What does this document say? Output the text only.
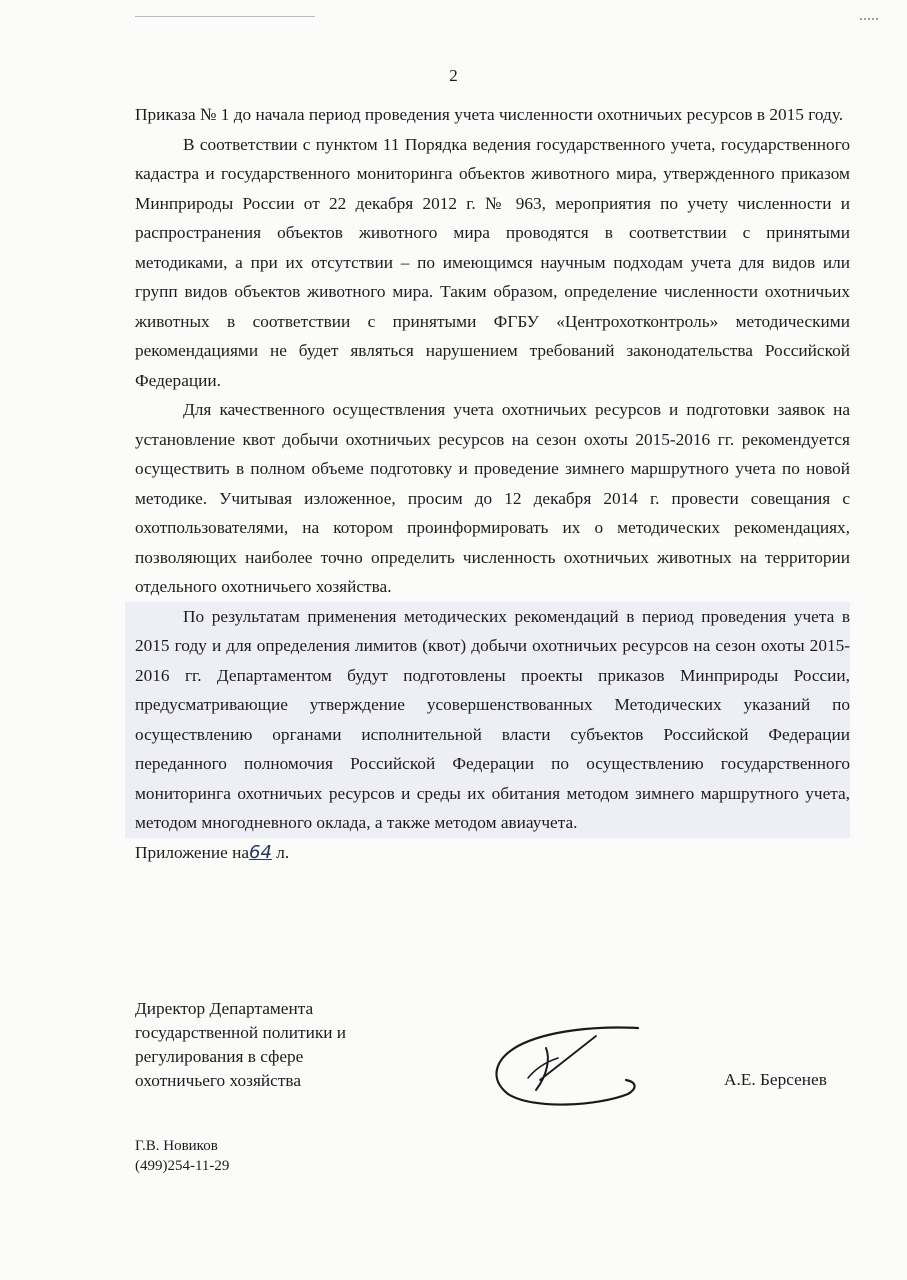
2

Приказа № 1 до начала период проведения учета численности охотничьих ресурсов в 2015 году.

В соответствии с пунктом 11 Порядка ведения государственного учета, государственного кадастра и государственного мониторинга объектов животного мира, утвержденного приказом Минприроды России от 22 декабря 2012 г. № 963, мероприятия по учету численности и распространения объектов животного мира проводятся в соответствии с принятыми методиками, а при их отсутствии – по имеющимся научным подходам учета для видов или групп видов объектов животного мира. Таким образом, определение численности охотничьих животных в соответствии с принятыми ФГБУ «Центрохотконтроль» методическими рекомендациями не будет являться нарушением требований законодательства Российской Федерации.

Для качественного осуществления учета охотничьих ресурсов и подготовки заявок на установление квот добычи охотничьих ресурсов на сезон охоты 2015-2016 гг. рекомендуется осуществить в полном объеме подготовку и проведение зимнего маршрутного учета по новой методике. Учитывая изложенное, просим до 12 декабря 2014 г. провести совещания с охотпользователями, на котором проинформировать их о методических рекомендациях, позволяющих наиболее точно определить численность охотничьих животных на территории отдельного охотничьего хозяйства.

По результатам применения методических рекомендаций в период проведения учета в 2015 году и для определения лимитов (квот) добычи охотничьих ресурсов на сезон охоты 2015-2016 гг. Департаментом будут подготовлены проекты приказов Минприроды России, предусматривающие утверждение усовершенствованных Методических указаний по осуществлению органами исполнительной власти субъектов Российской Федерации переданного полномочия Российской Федерации по осуществлению государственного мониторинга охотничьих ресурсов и среды их обитания методом зимнего маршрутного учета, методом многодневного оклада, а также методом авиаучета.

Приложение на64 л.

Директор Департамента
государственной политики и
регулирования в сфере
охотничьего хозяйства	А.Е. Берсенев
Г.В. Новиков
(499)254-11-29
